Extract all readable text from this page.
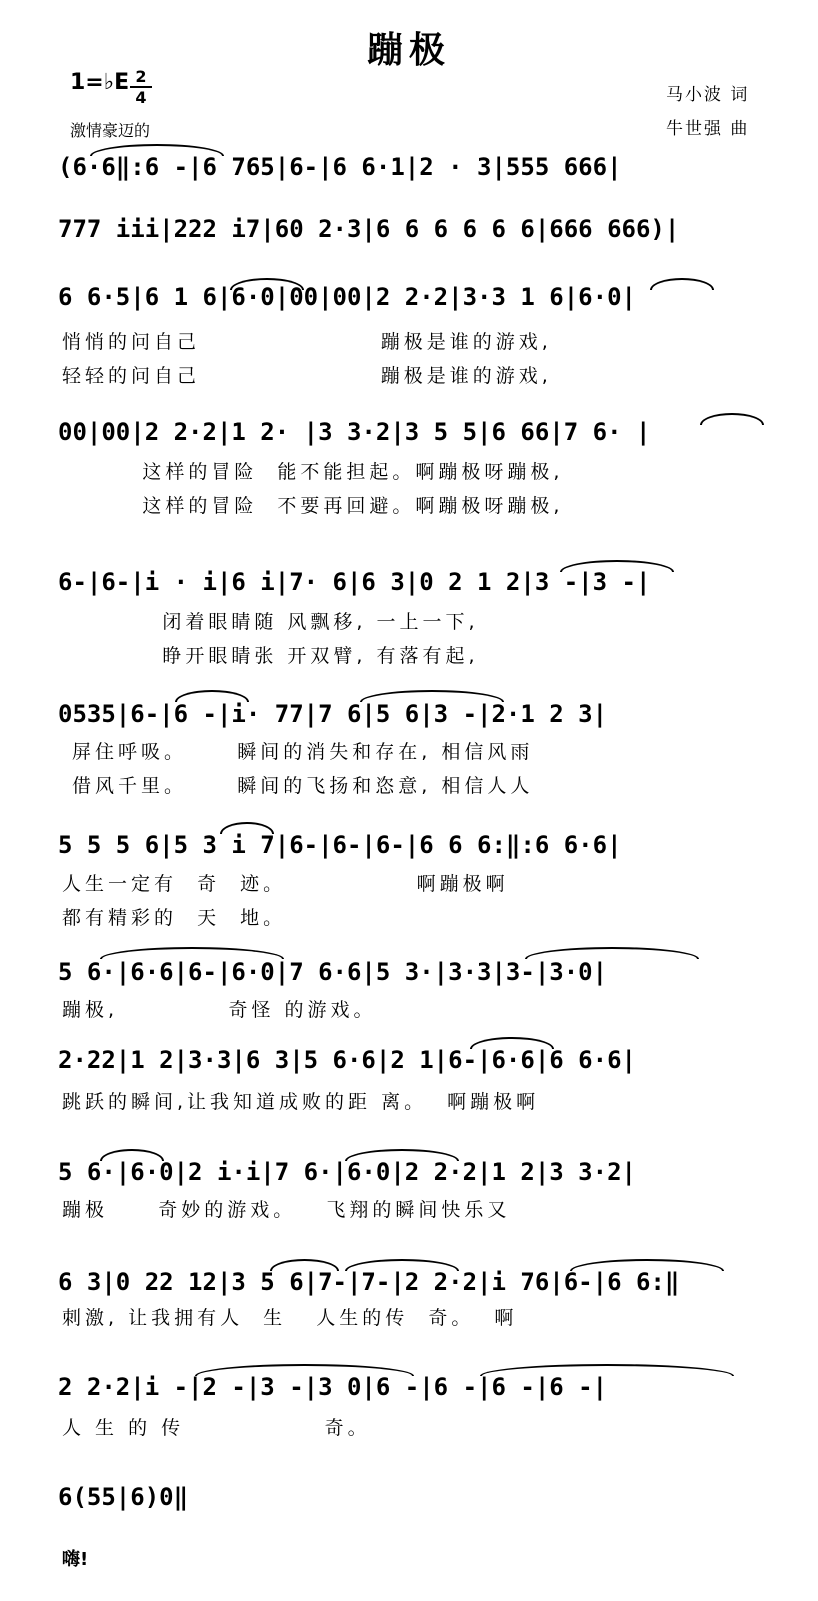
蹦极
1=♭E 2
4
激情豪迈的
马小波 词
牛世强 曲
(6·6‖:6 -|6 765|6-|6 6·1|2 · 3|555 666|
777 iii|222 i7|60 2·3|6 6 6 6 6 6|666 666)|
6 6·5|6 1 6|6·0|00|00|2 2·2|3·3 1 6|6·0|
悄悄的问自己                  蹦极是谁的游戏,
轻轻的问自己                  蹦极是谁的游戏,
00|00|2 2·2|1 2· |3 3·2|3 5 5|6 66|7 6· |
这样的冒险  能不能担起。啊蹦极呀蹦极,
这样的冒险  不要再回避。啊蹦极呀蹦极,
6-|6-|i · i|6 i|7· 6|6 3|0 2 1 2|3 -|3 -|
闭着眼睛随 风飘移, 一上一下,
睁开眼睛张 开双臂, 有落有起,
0535|6-|6 -|i· 77|7 6|5 6|3 -|2·1 2 3|
屏住呼吸。     瞬间的消失和存在, 相信风雨
借风千里。     瞬间的飞扬和恣意, 相信人人
5 5 5 6|5 3 i 7|6-|6-|6-|6 6 6:‖:6 6·6|
人生一定有  奇  迹。             啊蹦极啊
都有精彩的  天  地。
5 6·|6·6|6-|6·0|7 6·6|5 3·|3·3|3-|3·0|
蹦极,           奇怪 的游戏。
2·22|1 2|3·3|6 3|5 6·6|2 1|6-|6·6|6 6·6|
跳跃的瞬间,让我知道成败的距 离。  啊蹦极啊
5 6·|6·0|2 i·i|7 6·|6·0|2 2·2|1 2|3 3·2|
蹦极     奇妙的游戏。   飞翔的瞬间快乐又
6 3|0 22 12|3 5 6|7-|7-|2 2·2|i 76|6-|6 6:‖
刺激, 让我拥有人  生   人生的传  奇。  啊
2 2·2|i -|2 -|3 -|3 0|6 -|6 -|6 -|6 -|
人 生 的 传              奇。
6(55|6)0‖
嗨!
